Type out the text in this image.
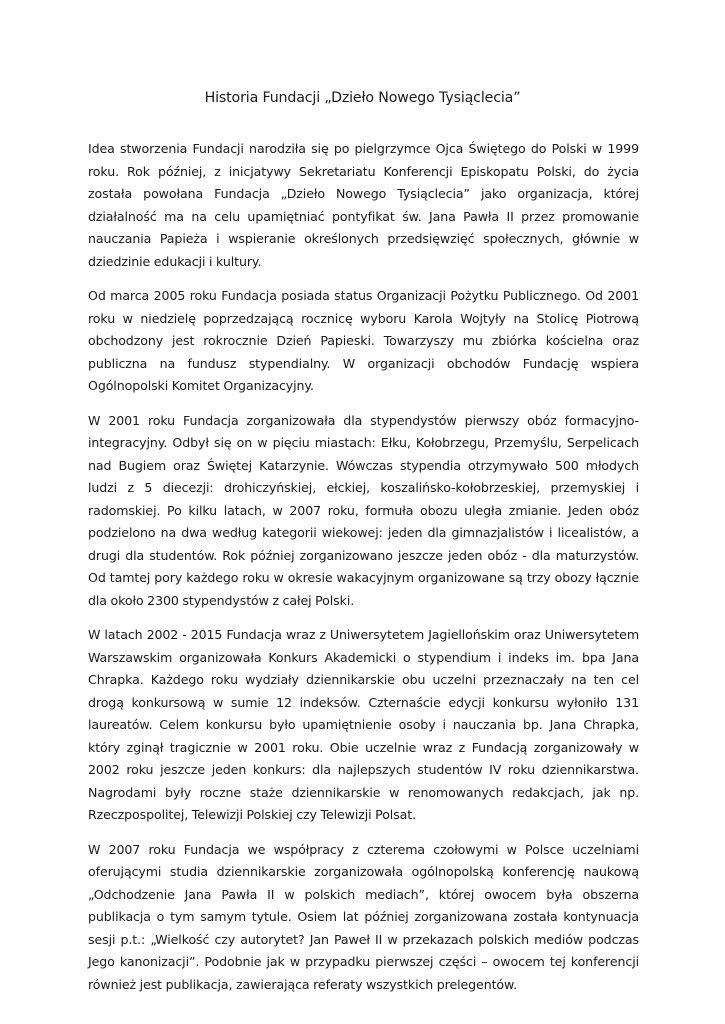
Historia Fundacji „Dzieło Nowego Tysiąclecia”

Idea stworzenia Fundacji narodziła się po pielgrzymce Ojca Świętego do Polski w 1999 roku. Rok później, z inicjatywy Sekretariatu Konferencji Episkopatu Polski, do życia została powołana Fundacja „Dzieło Nowego Tysiąclecia” jako organizacja, której działalność ma na celu upamiętniać pontyfikat św. Jana Pawła II przez promowanie nauczania Papieża i wspieranie określonych przedsięwzięć społecznych, głównie w dziedzinie edukacji i kultury.

Od marca 2005 roku Fundacja posiada status Organizacji Pożytku Publicznego. Od 2001 roku w niedzielę poprzedzającą rocznicę wyboru Karola Wojtyły na Stolicę Piotrową obchodzony jest rokrocznie Dzień Papieski. Towarzyszy mu zbiórka kościelna oraz publiczna na fundusz stypendialny. W organizacji obchodów Fundację wspiera Ogólnopolski Komitet Organizacyjny.

W 2001 roku Fundacja zorganizowała dla stypendystów pierwszy obóz formacyjno-integracyjny. Odbył się on w pięciu miastach: Ełku, Kołobrzegu, Przemyślu, Serpelicach nad Bugiem oraz Świętej Katarzynie. Wówczas stypendia otrzymywało 500 młodych ludzi z 5 diecezji: drohiczyńskiej, ełckiej, koszalińsko-kołobrzeskiej, przemyskiej i radomskiej. Po kilku latach, w 2007 roku, formuła obozu uległa zmianie. Jeden obóz podzielono na dwa według kategorii wiekowej: jeden dla gimnazjalistów i licealistów, a drugi dla studentów. Rok później zorganizowano jeszcze jeden obóz - dla maturzystów. Od tamtej pory każdego roku w okresie wakacyjnym organizowane są trzy obozy łącznie dla około 2300 stypendystów z całej Polski.

W latach 2002 - 2015 Fundacja wraz z Uniwersytetem Jagiellońskim oraz Uniwersytetem Warszawskim organizowała Konkurs Akademicki o stypendium i indeks im. bpa Jana Chrapka. Każdego roku wydziały dziennikarskie obu uczelni przeznaczały na ten cel drogą konkursową w sumie 12 indeksów. Czternaście edycji konkursu wyłoniło 131 laureatów. Celem konkursu było upamiętnienie osoby i nauczania bp. Jana Chrapka, który zginął tragicznie w 2001 roku. Obie uczelnie wraz z Fundacją zorganizowały w 2002 roku jeszcze jeden konkurs: dla najlepszych studentów IV roku dziennikarstwa. Nagrodami były roczne staże dziennikarskie w renomowanych redakcjach, jak np. Rzeczpospolitej, Telewizji Polskiej czy Telewizji Polsat.

W 2007 roku Fundacja we współpracy z czterema czołowymi w Polsce uczelniami oferującymi studia dziennikarskie zorganizowała ogólnopolską konferencję naukową „Odchodzenie Jana Pawła II w polskich mediach”, której owocem była obszerna publikacja o tym samym tytule. Osiem lat później zorganizowana została kontynuacja sesji p.t.: „Wielkość czy autorytet? Jan Paweł II w przekazach polskich mediów podczas Jego kanonizacji”. Podobnie jak w przypadku pierwszej części – owocem tej konferencji również jest publikacja, zawierająca referaty wszystkich prelegentów.
